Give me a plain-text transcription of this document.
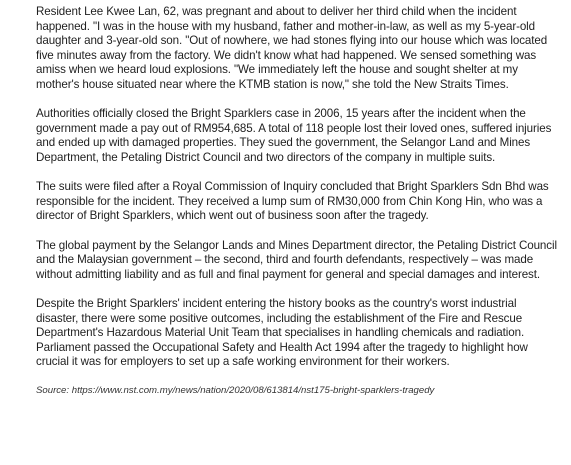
Resident Lee Kwee Lan, 62, was pregnant and about to deliver her third child when the incident happened. "I was in the house with my husband, father and mother-in-law, as well as my 5-year-old daughter and 3-year-old son. "Out of nowhere, we had stones flying into our house which was located five minutes away from the factory. We didn't know what had happened. We sensed something was amiss when we heard loud explosions. "We immediately left the house and sought shelter at my mother's house situated near where the KTMB station is now," she told the New Straits Times.

Authorities officially closed the Bright Sparklers case in 2006, 15 years after the incident when the government made a pay out of RM954,685. A total of 118 people lost their loved ones, suffered injuries and ended up with damaged properties. They sued the government, the Selangor Land and Mines Department, the Petaling District Council and two directors of the company in multiple suits.

The suits were filed after a Royal Commission of Inquiry concluded that Bright Sparklers Sdn Bhd was responsible for the incident. They received a lump sum of RM30,000 from Chin Kong Hin, who was a director of Bright Sparklers, which went out of business soon after the tragedy.

The global payment by the Selangor Lands and Mines Department director, the Petaling District Council and the Malaysian government – the second, third and fourth defendants, respectively – was made without admitting liability and as full and final payment for general and special damages and interest.

Despite the Bright Sparklers' incident entering the history books as the country's worst industrial disaster, there were some positive outcomes, including the establishment of the Fire and Rescue Department's Hazardous Material Unit Team that specialises in handling chemicals and radiation. Parliament passed the Occupational Safety and Health Act 1994 after the tragedy to highlight how crucial it was for employers to set up a safe working environment for their workers.

Source: https://www.nst.com.my/news/nation/2020/08/613814/nst175-bright-sparklers-tragedy
